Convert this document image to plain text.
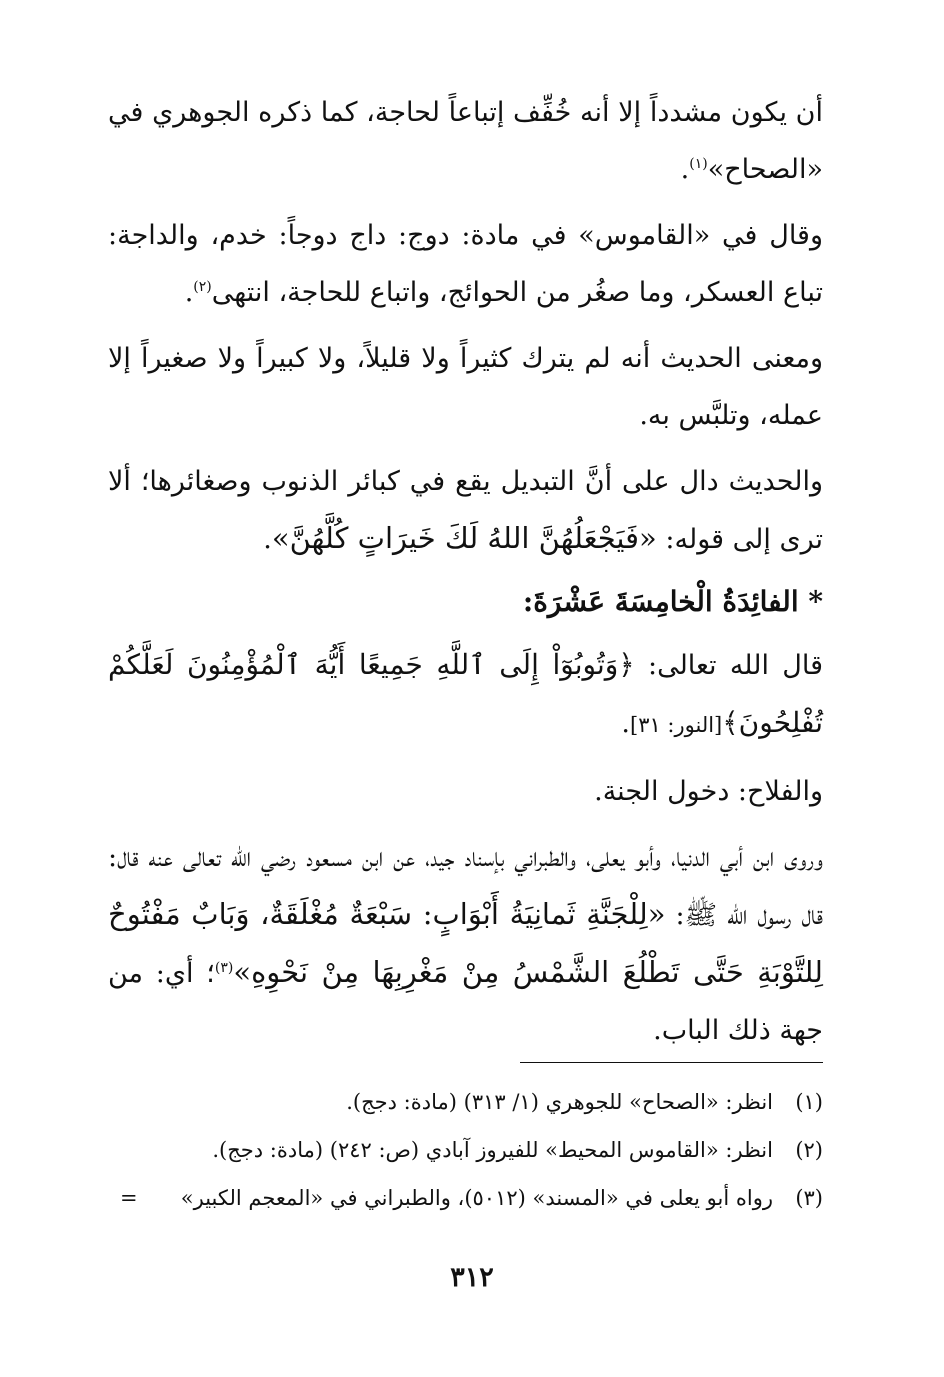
أن يكون مشدداً إلا أنه خُفِّف إتباعاً لحاجة، كما ذكره الجوهري في «الصحاح»$^{(١)}$.

وقال في «القاموس» في مادة: دوج: داج دوجاً: خدم، والداجة: تباع العسكر، وما صغُر من الحوائج، واتباع للحاجة، انتهى$^{(٢)}$.

ومعنى الحديث أنه لم يترك كثيراً ولا قليلاً، ولا كبيراً ولا صغيراً إلا عمله، وتلبَّس به.

والحديث دال على أنَّ التبديل يقع في كبائر الذنوب وصغائرها؛ ألا ترى إلى قوله: «فَيَجْعَلُهُنَّ اللهُ لَكَ خَيرَاتٍ كُلَّهُنَّ».

* الفائِدَةُ الْخامِسَةَ عَشْرَةَ:

قال الله تعالى: ﴿وَتُوبُوٓاْ إِلَى ٱللَّهِ جَمِيعًا أَيُّهَ ٱلْمُؤْمِنُونَ لَعَلَّكُمْ تُفْلِحُونَ﴾[النور: ٣١].

والفلاح: دخول الجنة.

وروى ابن أبي الدنيا، وأبو يعلى، والطبراني بإسناد جيد، عن ابن مسعود رضي الله تعالى عنه قال: قال رسول الله ﷺ: «لِلْجَنَّةِ ثَمانِيَةُ أَبْوَابٍ: سَبْعَةٌ مُغْلَقَةٌ، وَبَابٌ مَفْتُوحٌ لِلتَّوْبَةِ حَتَّى تَطْلُعَ الشَّمْسُ مِنْ مَغْرِبِهَا مِنْ نَحْوِهِ»$^{(٣)}$؛ أي: من جهة ذلك الباب.

(١)
انظر: «الصحاح» للجوهري (١/ ٣١٣) (مادة: دجج).
(٢)
انظر: «القاموس المحيط» للفيروز آبادي (ص: ٢٤٢) (مادة: دجج).
(٣)
رواه أبو يعلى في «المسند» (٥٠١٢)، والطبراني في «المعجم الكبير»
=
٣١٢
